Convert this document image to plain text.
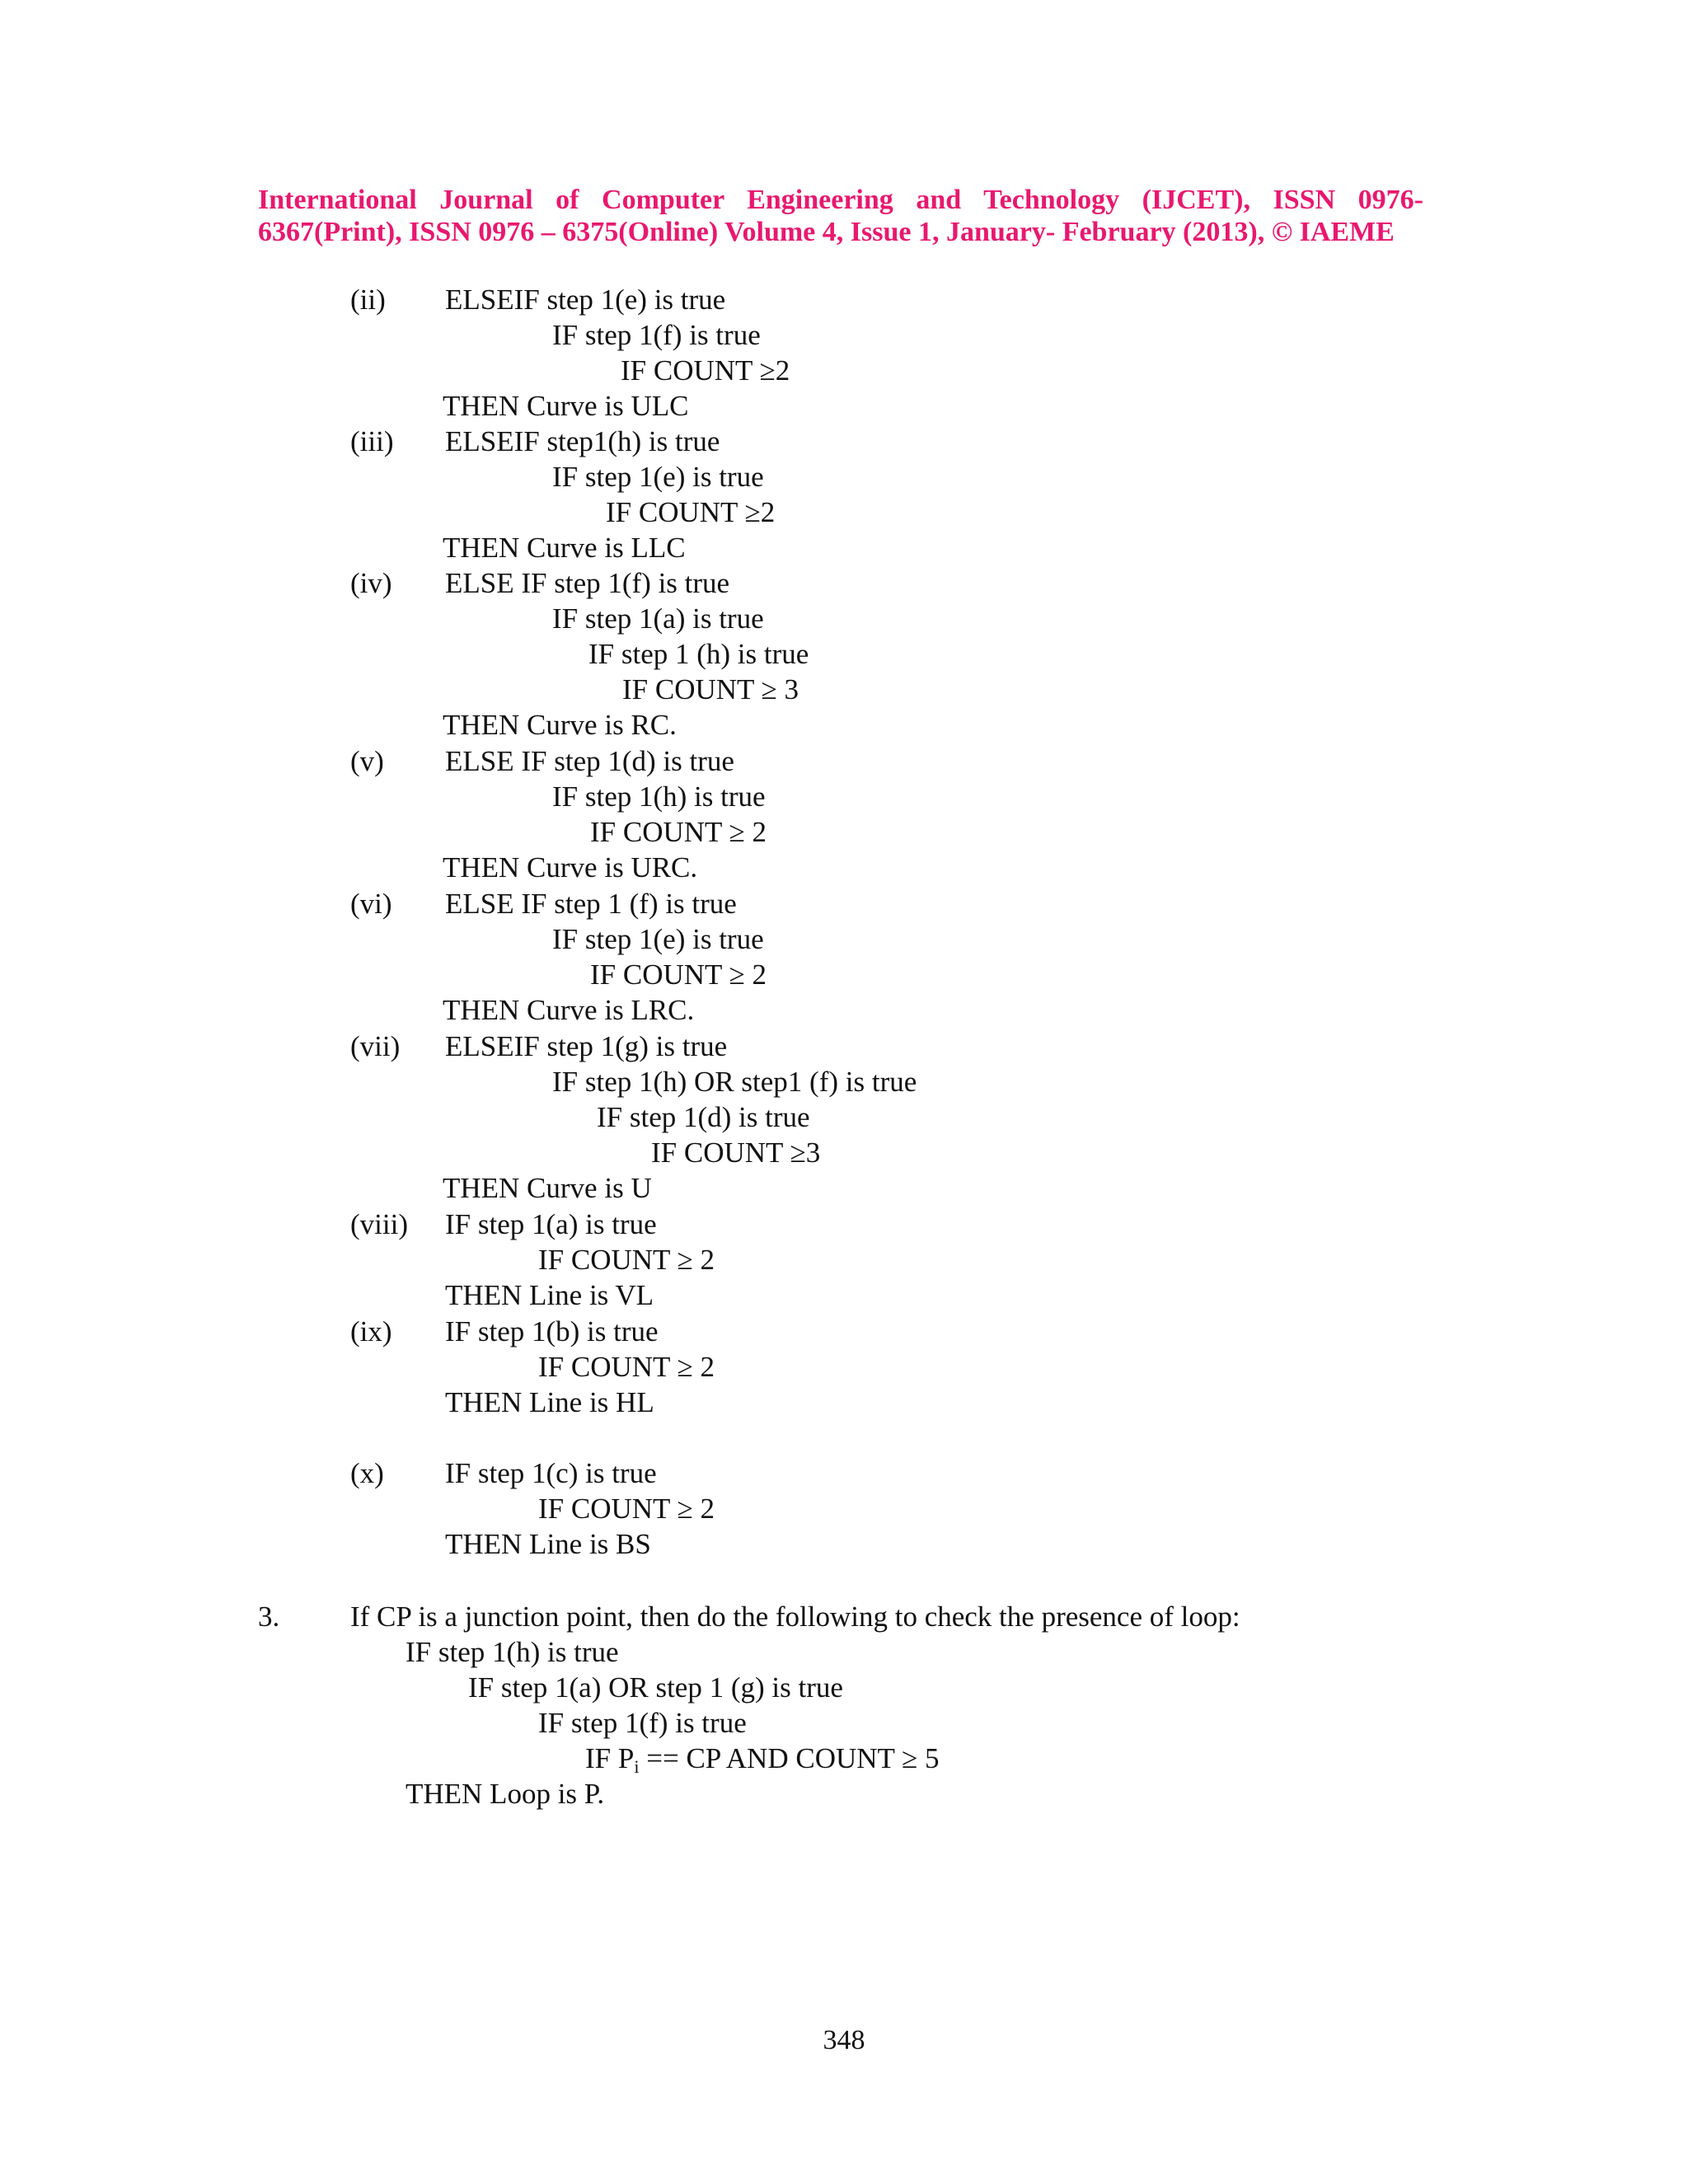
International Journal of Computer Engineering and Technology (IJCET), ISSN 0976-
6367(Print), ISSN 0976 – 6375(Online) Volume 4, Issue 1, January- February (2013), © IAEME
(ii) ELSEIF step 1(e) is true
IF step 1(f) is true
IF COUNT ≥2
THEN Curve is ULC
(iii) ELSEIF step1(h) is true
IF step 1(e) is true
IF COUNT ≥2
THEN Curve is LLC
(iv) ELSE IF step 1(f) is true
IF step 1(a) is true
IF step 1 (h) is true
IF COUNT ≥ 3
THEN Curve is RC.
(v) ELSE IF step 1(d) is true
IF step 1(h) is true
IF COUNT ≥ 2
THEN Curve is URC.
(vi) ELSE IF step 1 (f) is true
IF step 1(e) is true
IF COUNT ≥ 2
THEN Curve is LRC.
(vii) ELSEIF step 1(g) is true
IF step 1(h) OR step1 (f) is true
IF step 1(d) is true
IF COUNT ≥3
THEN Curve is U
(viii) IF step 1(a) is true
IF COUNT ≥ 2
THEN Line is VL
(ix) IF step 1(b) is true
IF COUNT ≥ 2
THEN Line is HL
(x) IF step 1(c) is true
IF COUNT ≥ 2
THEN Line is BS
3. If CP is a junction point, then do the following to check the presence of loop:
IF step 1(h) is true
IF step 1(a) OR step 1 (g) is true
IF step 1(f) is true
IF $P_i$ == CP AND COUNT ≥ 5
THEN Loop is P.
348
